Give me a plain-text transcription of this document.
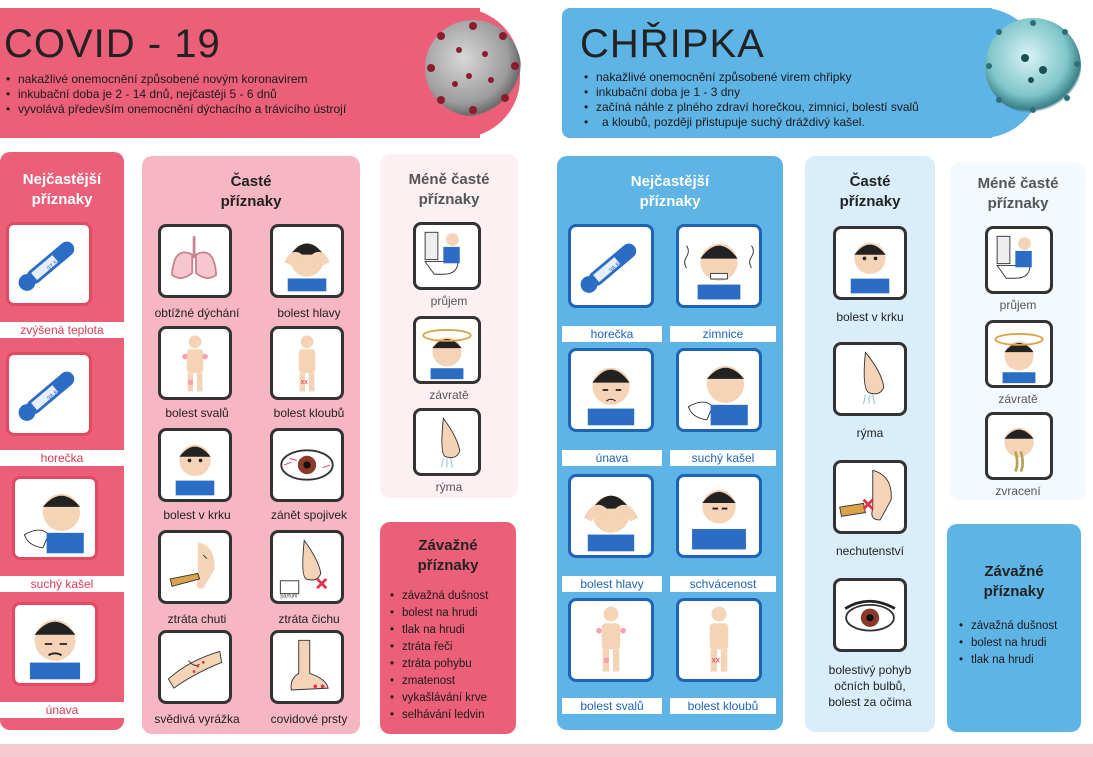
COVID - 19
• nakažlivé onemocnění způsobené novým koronavirem
• inkubační doba je 2 - 14 dnů, nejčastěji 5 - 6 dnů
• vyvolává především onemocnění dýchacího a trávicího ústrojí
CHŘIPKA
• nakažlivé onemocnění způsobené virem chřipky
• inkubační doba je 1 - 3 dny
• začíná náhle z plného zdraví horečkou, zimnicí, bolestí svalů
• a kloubů, později přistupuje suchý dráždivý kašel.
Nejčastější
příznaky
37,5
zvýšená teplota
38,8
horečka
suchý kašel
únava
Časté
příznaky
obtížné dýchání	bolest hlavy
bolest svalů
xx
bolest kloubů
bolest v krku	zánět spojivek
ztráta chuti
parfum
ztráta čichu
svědivá vyrážka	covidové prsty
Méně časté
příznaky
průjem
závratě
rýma
Závažné
příznaky
• závažná dušnost
• bolest na hrudi
• tlak na hrudi
• ztráta řeči
• ztráta pohybu
• zmatenost
• vykašlávání krve
• selhávání ledvin
Nejčastější
příznaky
38,8
horečka	zimnice
únava	suchý kašel
bolest hlavy	schvácenost
bolest svalů
xx
bolest kloubů
Časté
příznaky
bolest v krku
rýma
nechutenství
bolestivý pohyb
očních bulbů,
bolest za očima
Méně časté
příznaky
průjem
závratě
zvracení
Závažné
příznaky
• závažná dušnost
• bolest na hrudi
• tlak na hrudi
